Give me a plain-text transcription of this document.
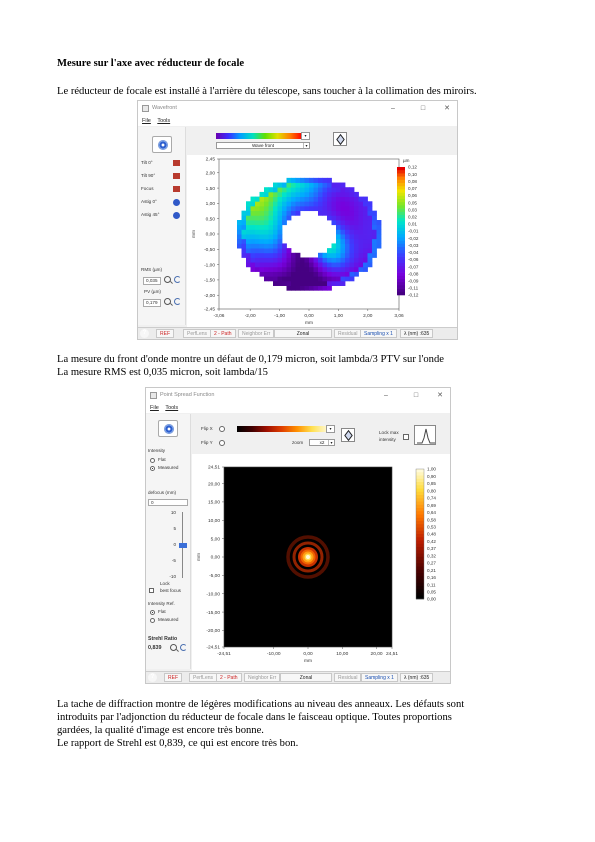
Mesure sur l'axe avec réducteur de focale
Le réducteur de focale est installé à l'arrière du télescope, sans toucher à la collimation des miroirs.
Wavefront	–	□	✕
File Tools
Tilt 0°
Tilt 90°
Focus
Astig 0°
Astig 45°
RMS (µm)
0,035
PV (µm)
0,179
▾
Wave front	▾
-3,06	-2,00	-1,00	0,00	1,00	2,00	3,06
2,45
2,00
1,50
1,00
0,50
0,00
-0,50
-1,00
-1,50
-2,00
-2,45
mm
mm
µm
0,12
0,10
0,08
0,07
0,06
0,05
0,03
0,02
0,01
-0,01
-0,02
-0,03
-0,04
-0,06
-0,07
-0,08
-0,09
-0,11
-0,12
?	REF	PerfLens	2 - Path	Neighbor Err	Zonal	Residual	Sampling x 1	λ (nm) :635
La mesure du front d'onde montre un défaut de 0,179 micron, soit lambda/3 PTV sur l'onde
La mesure RMS est 0,035 micron, soit lambda/15
Point Spread Function	–	□	✕
File Tools
Intensity
Flat
Measured
defocus (mm)
0
10
5
0
-5
-10
Lock
best focus
Intensity Ref.
Flat
Measured
Strehl Ratio
0,839
Flip X
Flip Y
▾
zoom	x2	▾
Lock max
intensity
-24,51	-10,00	0,00	10,00	20,00 24,51
24,51
20,00
15,00
10,00
5,00
0,00
-5,00
-10,00
-15,00
-20,00
-24,51
mm
mm
1,00
0,90
0,85
0,80
0,74
0,69
0,64
0,58
0,53
0,48
0,42
0,37
0,32
0,27
0,21
0,16
0,11
0,05
0,00
?	REF	PerfLens	2 - Path	Neighbor Err	Zonal	Residual	Sampling x 1	λ (nm) :635
La tache de diffraction montre de légères modifications au niveau des anneaux. Les défauts sont
introduits par l'adjonction du réducteur de focale dans le faisceau optique. Toutes proportions
gardées, la qualité d'image est encore très bonne.
Le rapport de Strehl est 0,839, ce qui est encore très bon.
